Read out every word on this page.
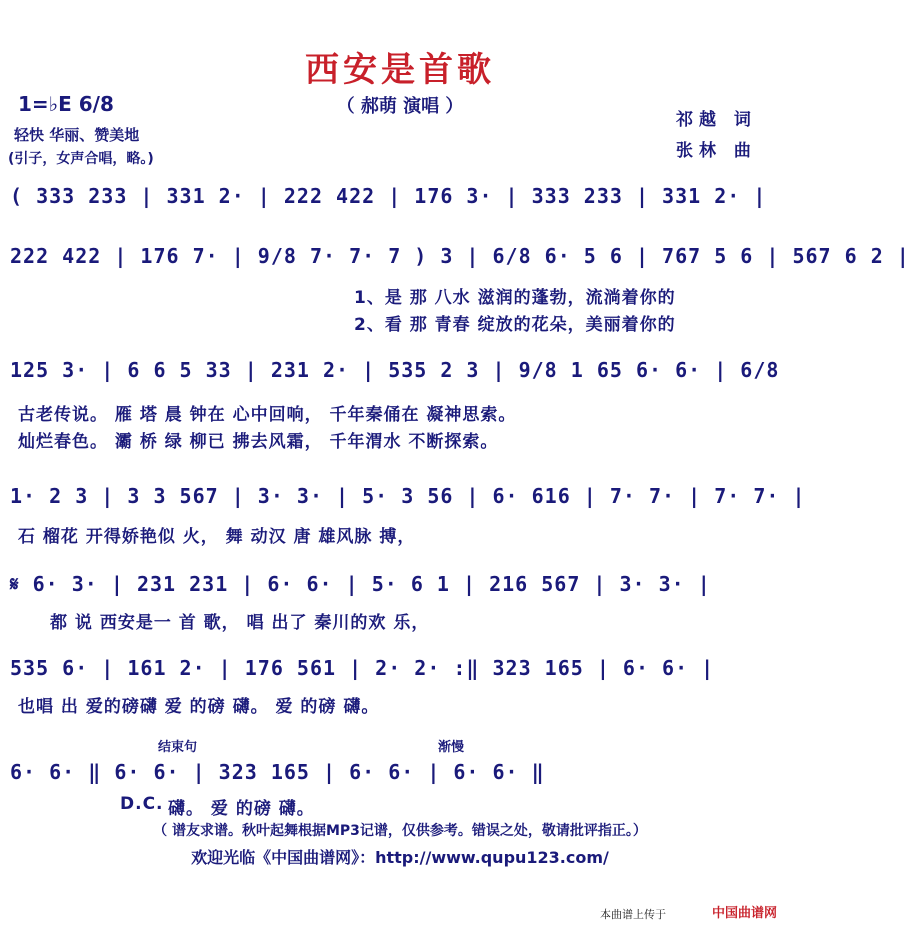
西安是首歌
（ 郝萌 演唱 ）
1=♭E 6/8
轻快 华丽、赞美地
(引子，女声合唱，略。)
祁越 词
张林 曲
( 333 233 | 331 2· | 222 422 | 176 3· | 333 233 | 331 2· |
222 422 | 176 7· | 9/8 7· 7· 7 ) 3 | 6/8 6· 5 6 | 767 5 6 | 567 6 2 |
1、是 那 八水 滋润的蓬勃，流淌着你的
2、看 那 青春 绽放的花朵，美丽着你的
125 3· | 6 6 5 33 | 231 2· | 535 2 3 | 9/8 1 65 6· 6· | 6/8
古老传说。 雁 塔 晨 钟在 心中回响， 千年秦俑在 凝神思索。
灿烂春色。 灞 桥 绿 柳已 拂去风霜， 千年渭水 不断探索。
1· 2 3 | 3 3 567 | 3· 3· | 5· 3 56 | 6· 616 | 7· 7· | 7· 7· |
石 榴花 开得娇艳似 火， 舞 动汉 唐 雄风脉 搏，
𝄋 6· 3· | 231 231 | 6· 6· | 5· 6 1 | 216 567 | 3· 3· |
都 说 西安是一 首 歌， 唱 出了 秦川的欢 乐，
535 6· | 161 2· | 176 561 | 2· 2· :‖ 323 165 | 6· 6· |
也唱 出 爱的磅礴 爱 的磅 礴。 爱 的磅 礴。
结束句	渐慢
6· 6· ‖ 6· 6· | 323 165 | 6· 6· | 6· 6· ‖
D.C. 礴。 爱 的磅 礴。
（ 谱友求谱。秋叶起舞根据MP3记谱，仅供参考。错误之处，敬请批评指正。）
欢迎光临《中国曲谱网》：http://www.qupu123.com/
本曲谱上传于	中国曲谱网
